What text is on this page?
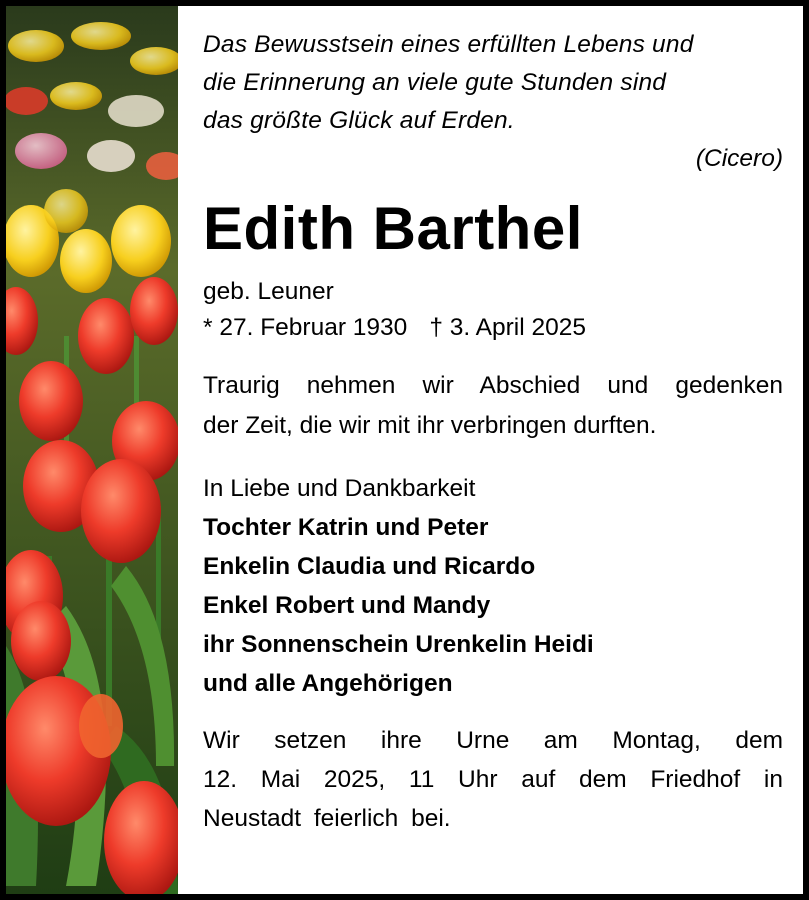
Das Bewusstsein eines erfüllten Lebens und
die Erinnerung an viele gute Stunden sind
das größte Glück auf Erden.
(Cicero)
Edith Barthel
geb. Leuner
* 27. Februar 1930 † 3. April 2025
Traurig nehmen wir Abschied und gedenken
der Zeit, die wir mit ihr verbringen durften.
In Liebe und Dankbarkeit
Tochter Katrin und Peter
Enkelin Claudia und Ricardo
Enkel Robert und Mandy
ihr Sonnenschein Urenkelin Heidi
und alle Angehörigen
Wir setzen ihre Urne am Montag, dem
12. Mai 2025, 11 Uhr auf dem Friedhof in
Neustadt feierlich bei.
